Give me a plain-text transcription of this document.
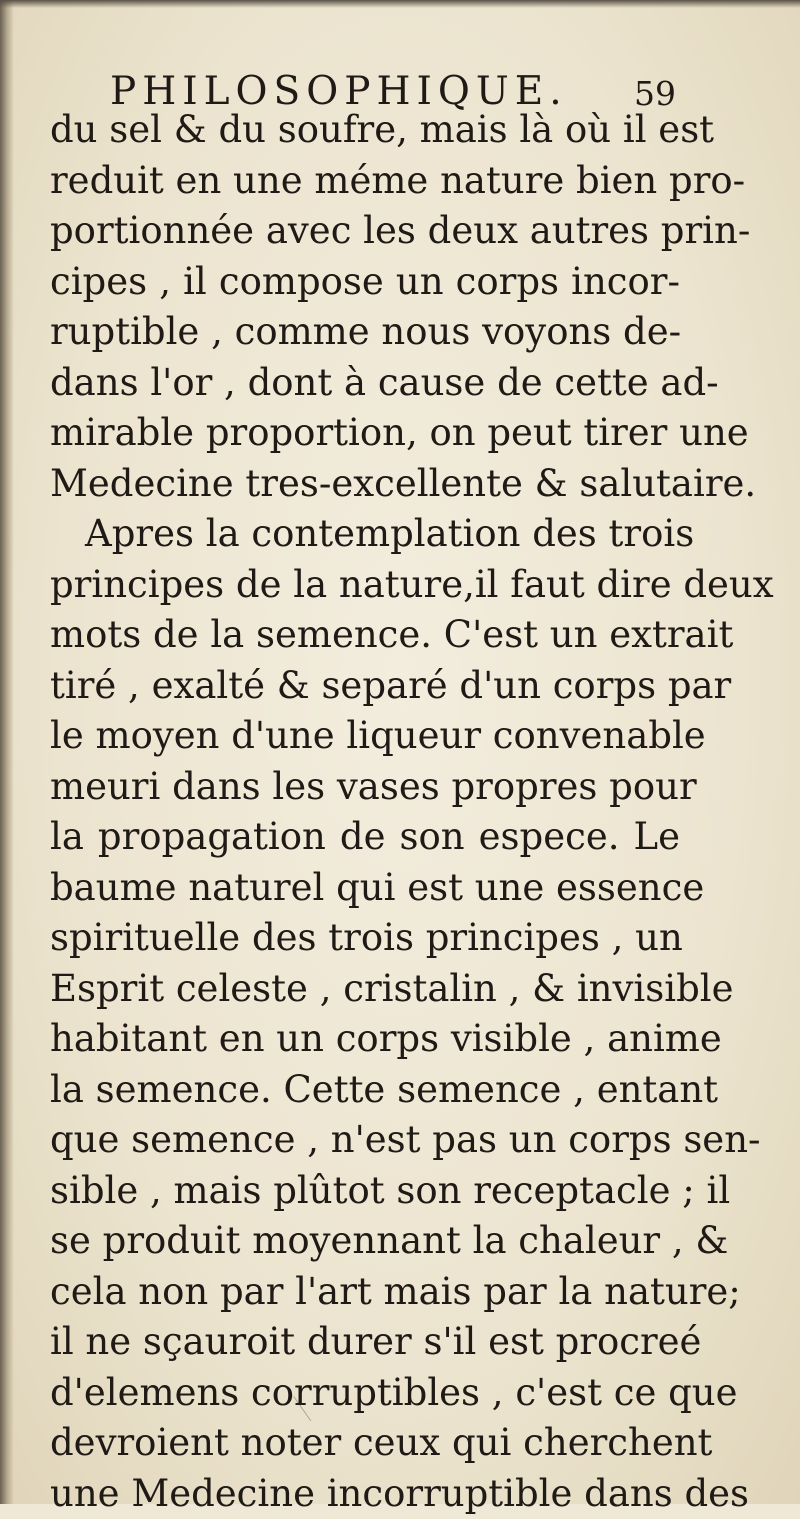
PHILOSOPHIQUE. 59
du sel & du soufre, mais là où il est
reduit en une méme nature bien pro-
portionnée avec les deux autres prin-
cipes , il compose un corps incor-
ruptible , comme nous voyons de-
dans l'or , dont à cause de cette ad-
mirable proportion, on peut tirer une
Medecine tres-excellente & salutaire.
Apres la contemplation des trois
principes de la nature,il faut dire deux
mots de la semence. C'est un extrait
tiré , exalté & separé d'un corps par
le moyen d'une liqueur convenable
meuri dans les vases propres pour
la propagation de son espece. Le
baume naturel qui est une essence
spirituelle des trois principes , un
Esprit celeste , cristalin , & invisible
habitant en un corps visible , anime
la semence. Cette semence , entant
que semence , n'est pas un corps sen-
sible , mais plûtot son receptacle ; il
se produit moyennant la chaleur , &
cela non par l'art mais par la nature;
il ne sçauroit durer s'il est procreé
d'elemens corruptibles , c'est ce que
devroient noter ceux qui cherchent
une Medecine incorruptible dans des
